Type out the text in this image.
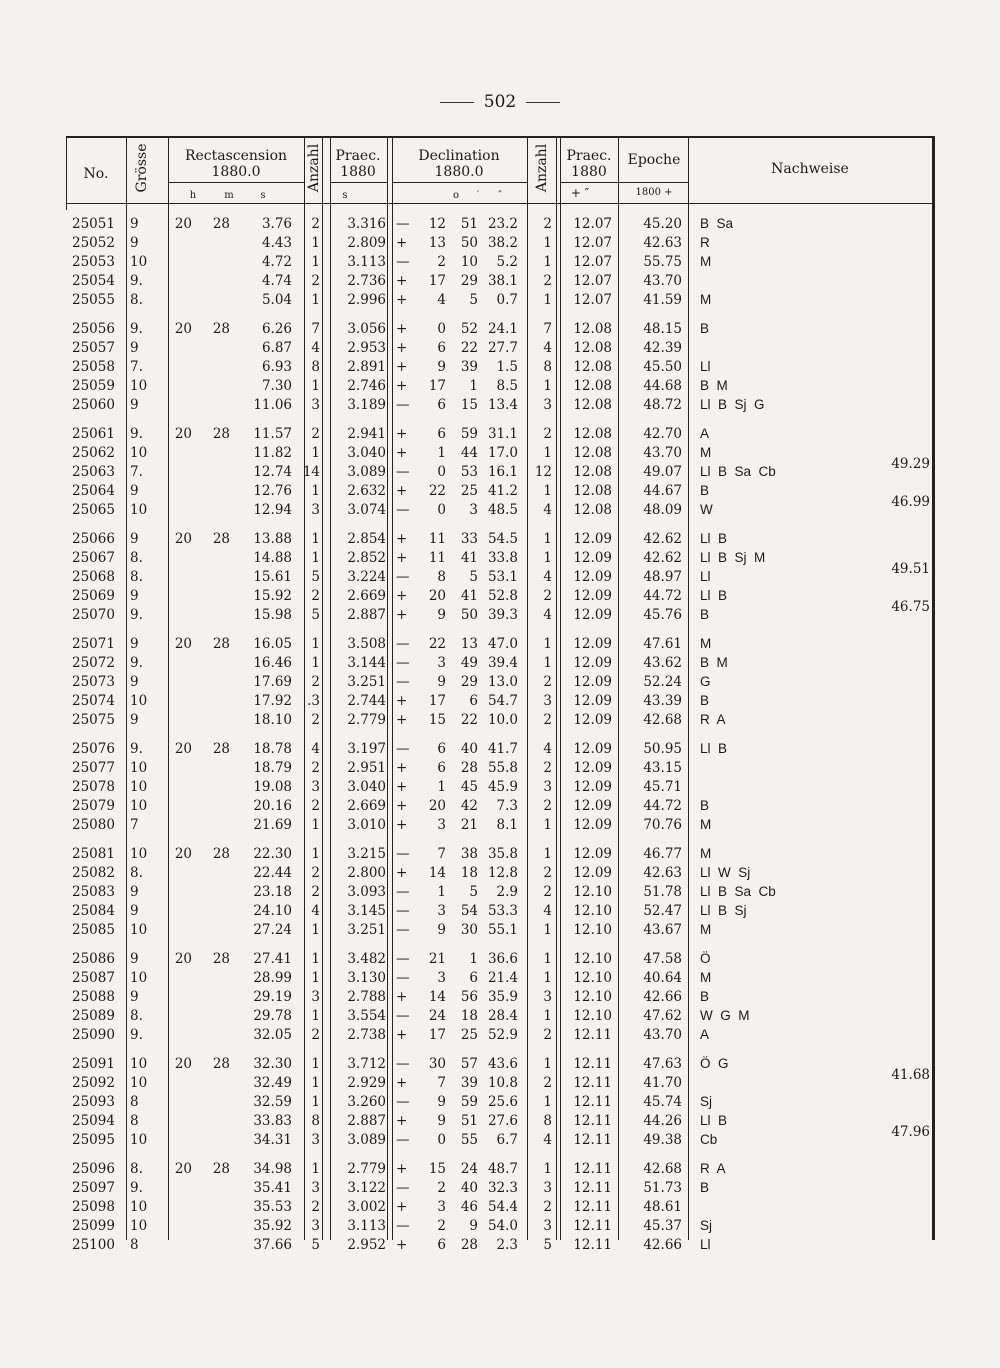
502
No.	Grösse	Rectascension
1880.0
h	m	s
Anzahl Praec.
1880
s
Declination
1880.0
o	′	″
Anzahl	Praec.
1880
+ ″
Epoche
1800 +
Nachweise
25051	9	20	28	3.76	2	3.316 —	12	51 23.2	2	12.07	45.20 B  Sa
25052	9	4.43	1	2.809 +	13	50 38.2	1	12.07	42.63 R
25053	10	4.72	1	3.113 —	2	10	5.2	1	12.07	55.75 M
25054	9.	4.74	2	2.736 +	17	29 38.1	2	12.07	43.70
25055	8.	5.04	1	2.996 +	4	5	0.7	1	12.07	41.59 M
25056	9.	20	28	6.26	7	3.056 +	0	52 24.1	7	12.08	48.15 B
25057	9	6.87	4	2.953 +	6	22 27.7	4	12.08	42.39
25058	7.	6.93	8	2.891 +	9	39	1.5	8	12.08	45.50 Ll
25059	10	7.30	1	2.746 +	17	1	8.5	1	12.08	44.68 B  M
25060	9	11.06	3	3.189 —	6	15 13.4	3	12.08	48.72 Ll  B  Sj  G
25061	9.	20	28	11.57	2	2.941 +	6	59 31.1	2	12.08	42.70 A
25062	10	11.82	1	3.040 +	1	44 17.0	1	12.08	43.70 M
25063	7.	12.74 14	3.089 —	0	53 16.1	12	12.08	49.07 Ll  B  Sa  Cb	49.29
25064	9	12.76	1	2.632 +	22	25 41.2	1	12.08	44.67 B
25065	10	12.94	3	3.074 —	0	3 48.5	4	12.08	48.09 W	46.99
25066	9	20	28	13.88	1	2.854 +	11	33 54.5	1	12.09	42.62 Ll  B
25067	8.	14.88	1	2.852 +	11	41 33.8	1	12.09	42.62 Ll  B  Sj  M
25068	8.	15.61	5	3.224 —	8	5 53.1	4	12.09	48.97 Ll	49.51
25069	9	15.92	2	2.669 +	20	41 52.8	2	12.09	44.72 Ll  B
25070	9.	15.98	5	2.887 +	9	50 39.3	4	12.09	45.76 B	46.75
25071	9	20	28	16.05	1	3.508 —	22	13 47.0	1	12.09	47.61 M
25072	9.	16.46	1	3.144 —	3	49 39.4	1	12.09	43.62 B  M
25073	9	17.69	2	3.251 —	9	29 13.0	2	12.09	52.24 G
25074	10	17.92	.3	2.744 +	17	6 54.7	3	12.09	43.39 B
25075	9	18.10	2	2.779 +	15	22 10.0	2	12.09	42.68 R  A
25076	9.	20	28	18.78	4	3.197 —	6	40 41.7	4	12.09	50.95 Ll  B
25077	10	18.79	2	2.951 +	6	28 55.8	2	12.09	43.15
25078	10	19.08	3	3.040 +	1	45 45.9	3	12.09	45.71
25079	10	20.16	2	2.669 +	20	42	7.3	2	12.09	44.72 B
25080	7	21.69	1	3.010 +	3	21	8.1	1	12.09	70.76 M
25081	10	20	28	22.30	1	3.215 —	7	38 35.8	1	12.09	46.77 M
25082	8.	22.44	2	2.800 +	14	18 12.8	2	12.09	42.63 Ll  W  Sj
25083	9	23.18	2	3.093 —	1	5	2.9	2	12.10	51.78 Ll  B  Sa  Cb
25084	9	24.10	4	3.145 —	3	54 53.3	4	12.10	52.47 Ll  B  Sj
25085	10	27.24	1	3.251 —	9	30 55.1	1	12.10	43.67 M
25086	9	20	28	27.41	1	3.482 —	21	1 36.6	1	12.10	47.58 Ö
25087	10	28.99	1	3.130 —	3	6 21.4	1	12.10	40.64 M
25088	9	29.19	3	2.788 +	14	56 35.9	3	12.10	42.66 B
25089	8.	29.78	1	3.554 —	24	18 28.4	1	12.10	47.62 W  G  M
25090	9.	32.05	2	2.738 +	17	25 52.9	2	12.11	43.70 A
25091	10	20	28	32.30	1	3.712 —	30	57 43.6	1	12.11	47.63 Ö  G
25092	10	32.49	1	2.929 +	7	39 10.8	2	12.11	41.70	41.68
25093	8	32.59	1	3.260 —	9	59 25.6	1	12.11	45.74 Sj
25094	8	33.83	8	2.887 +	9	51 27.6	8	12.11	44.26 Ll  B
25095	10	34.31	3	3.089 —	0	55	6.7	4	12.11	49.38 Cb	47.96
25096	8.	20	28	34.98	1	2.779 +	15	24 48.7	1	12.11	42.68 R  A
25097	9.	35.41	3	3.122 —	2	40 32.3	3	12.11	51.73 B
25098	10	35.53	2	3.002 +	3	46 54.4	2	12.11	48.61
25099	10	35.92	3	3.113 —	2	9 54.0	3	12.11	45.37 Sj
25100	8	37.66	5	2.952 +	6	28	2.3	5	12.11	42.66 Ll
